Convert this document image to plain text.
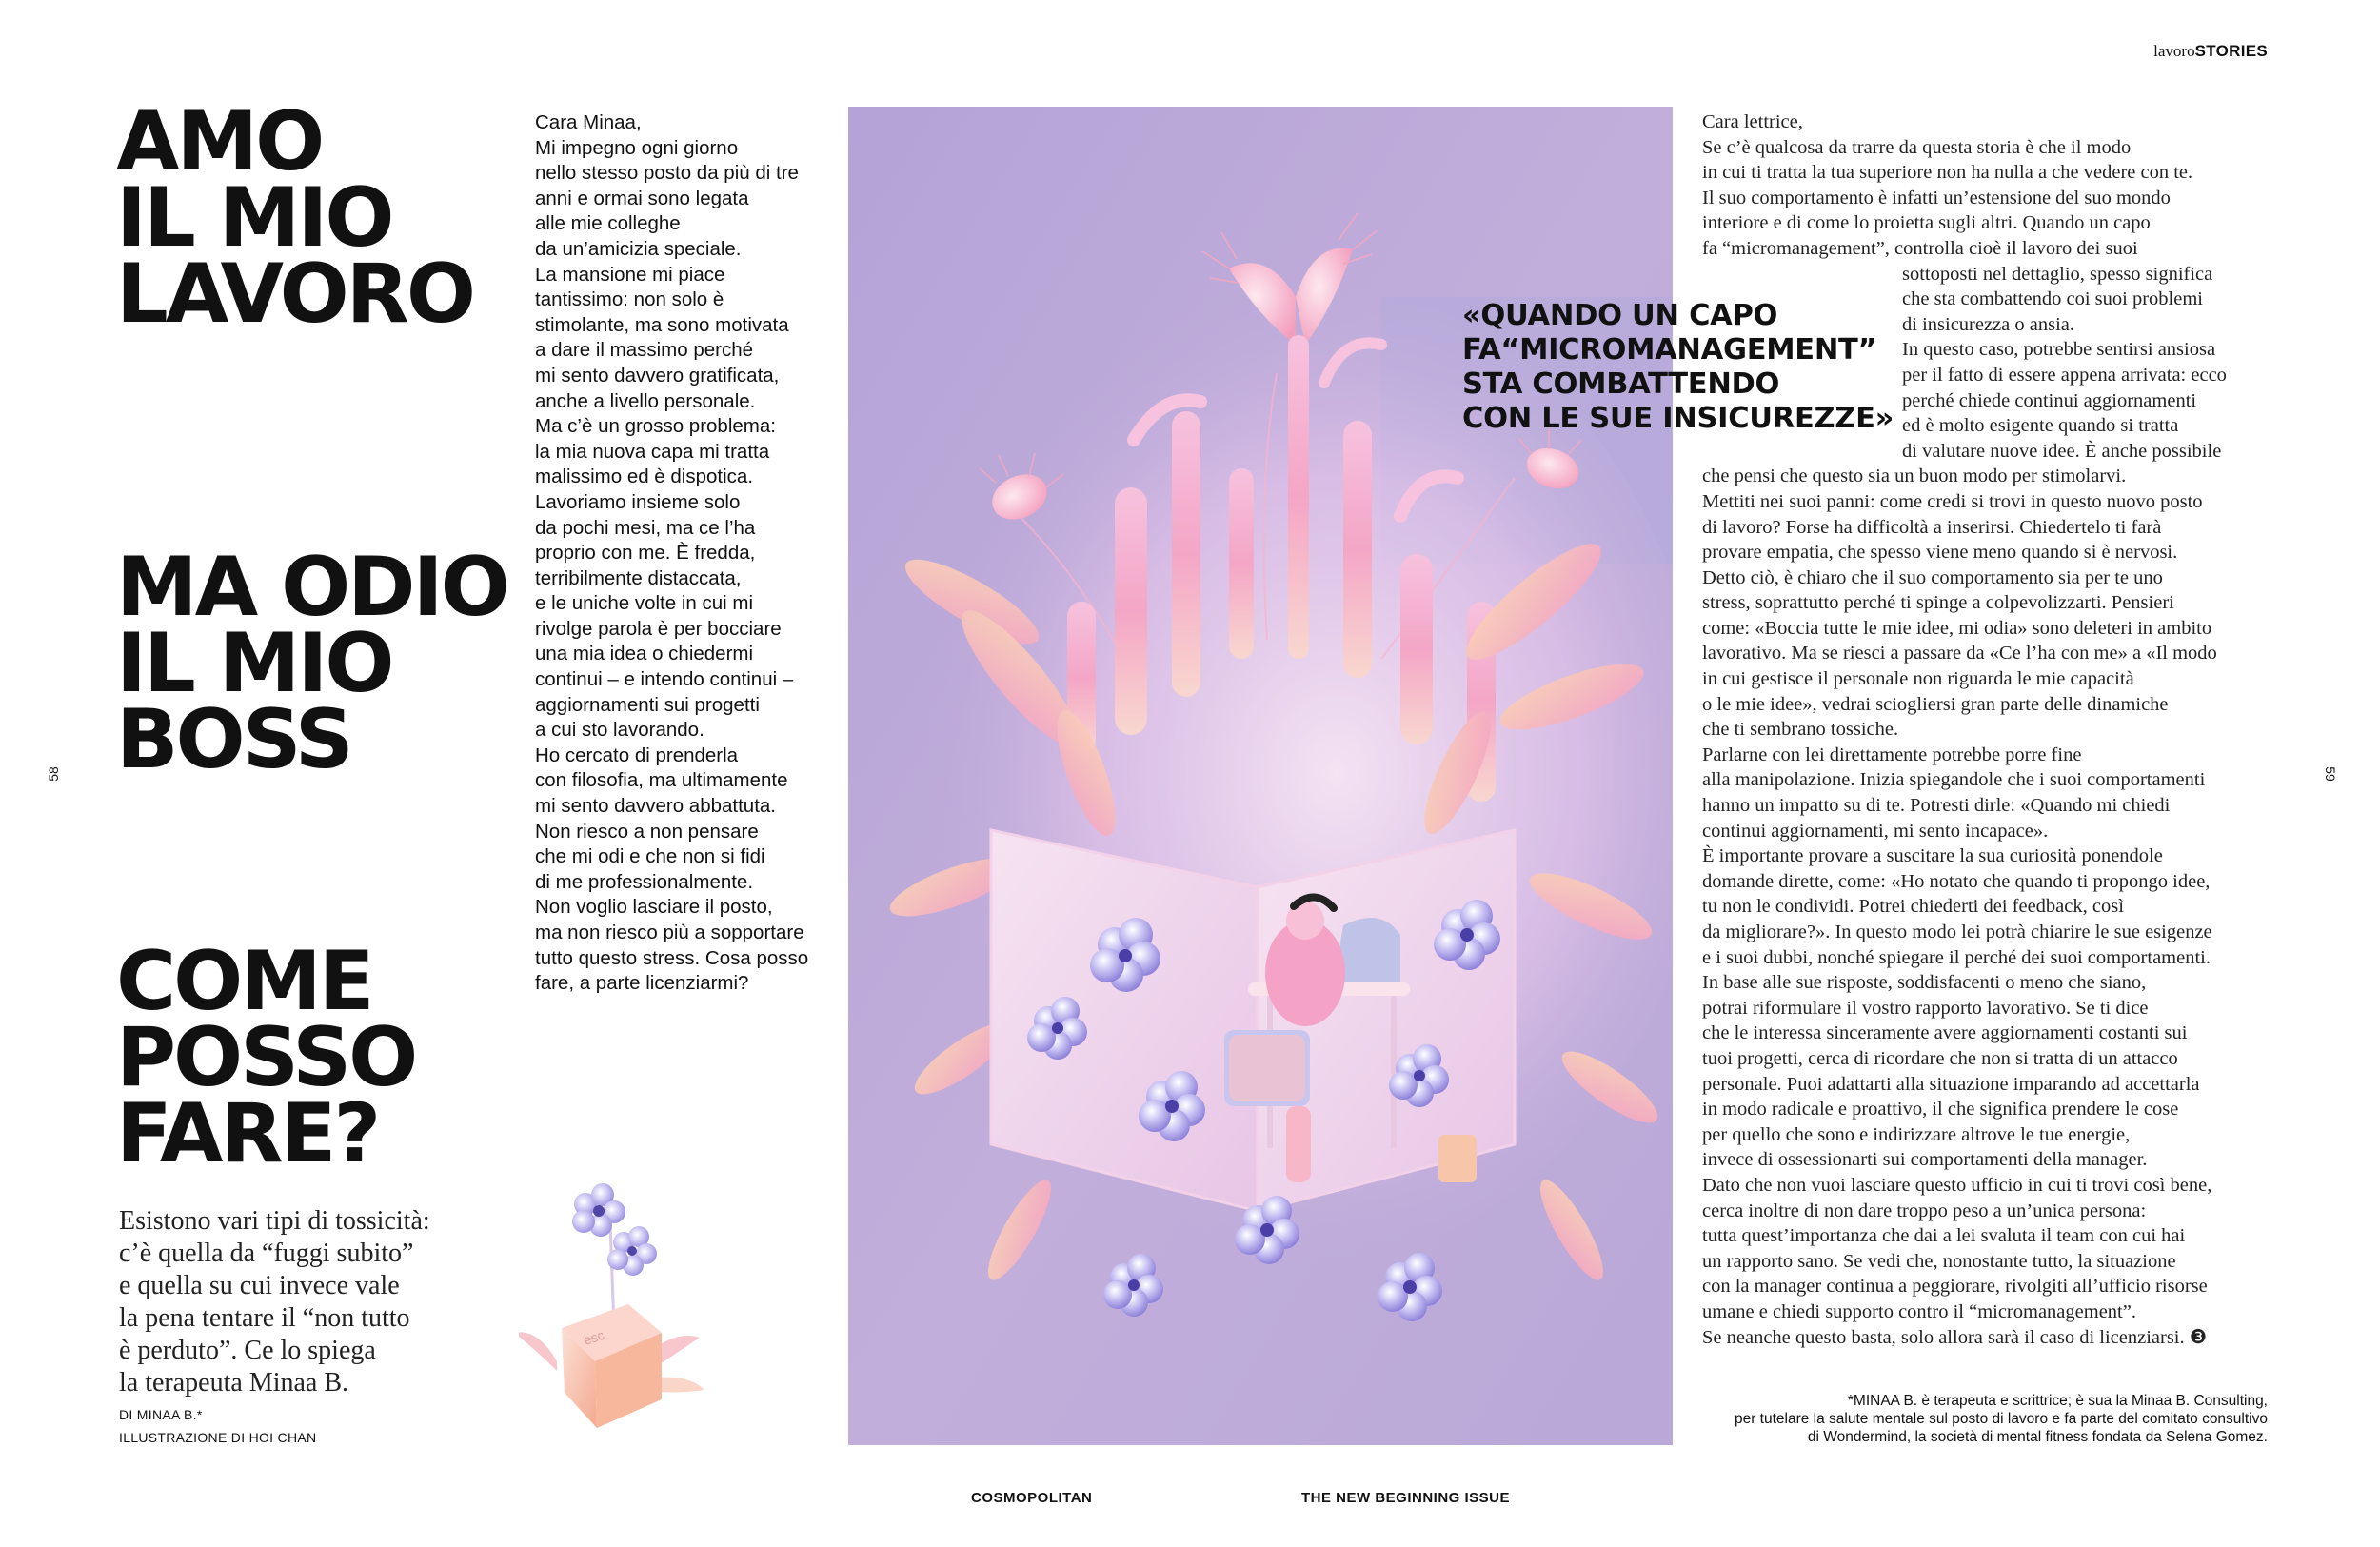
lavoroSTORIES
AMO
IL MIO
LAVORO
MA ODIO
IL MIO
BOSS
COME
POSSO
FARE?
Esistono vari tipi di tossicità:
c’è quella da “fuggi subito”
e quella su cui invece vale
la pena tentare il “non tutto
è perduto”. Ce lo spiega
la terapeuta Minaa B.
DI MINAA B.*
ILLUSTRAZIONE DI HOI CHAN
58	59
Cara Minaa,
Mi impegno ogni giorno
nello stesso posto da più di tre
anni e ormai sono legata
alle mie colleghe
da un’amicizia speciale.
La mansione mi piace
tantissimo: non solo è
stimolante, ma sono motivata
a dare il massimo perché
mi sento davvero gratificata,
anche a livello personale.
Ma c’è un grosso problema:
la mia nuova capa mi tratta
malissimo ed è dispotica.
Lavoriamo insieme solo
da pochi mesi, ma ce l’ha
proprio con me. È fredda,
terribilmente distaccata,
e le uniche volte in cui mi
rivolge parola è per bocciare
una mia idea o chiedermi
continui – e intendo continui –
aggiornamenti sui progetti
a cui sto lavorando.
Ho cercato di prenderla
con filosofia, ma ultimamente
mi sento davvero abbattuta.
Non riesco a non pensare
che mi odi e che non si fidi
di me professionalmente.
Non voglio lasciare il posto,
ma non riesco più a sopportare
tutto questo stress. Cosa posso
fare, a parte licenziarmi?
esc
«QUANDO UN CAPO
FA“MICROMANAGEMENT”
STA COMBATTENDO
CON LE SUE INSICUREZZE»
Cara lettrice,
Se c’è qualcosa da trarre da questa storia è che il modo
in cui ti tratta la tua superiore non ha nulla a che vedere con te.
Il suo comportamento è infatti un’estensione del suo mondo
interiore e di come lo proietta sugli altri. Quando un capo
fa “micromanagement”, controlla cioè il lavoro dei suoi
sottoposti nel dettaglio, spesso significa
che sta combattendo coi suoi problemi
di insicurezza o ansia.
In questo caso, potrebbe sentirsi ansiosa
per il fatto di essere appena arrivata: ecco
perché chiede continui aggiornamenti
ed è molto esigente quando si tratta
di valutare nuove idee. È anche possibile
che pensi che questo sia un buon modo per stimolarvi.
Mettiti nei suoi panni: come credi si trovi in questo nuovo posto
di lavoro? Forse ha difficoltà a inserirsi. Chiedertelo ti farà
provare empatia, che spesso viene meno quando si è nervosi.
Detto ciò, è chiaro che il suo comportamento sia per te uno
stress, soprattutto perché ti spinge a colpevolizzarti. Pensieri
come: «Boccia tutte le mie idee, mi odia» sono deleteri in ambito
lavorativo. Ma se riesci a passare da «Ce l’ha con me» a «Il modo
in cui gestisce il personale non riguarda le mie capacità
o le mie idee», vedrai sciogliersi gran parte delle dinamiche
che ti sembrano tossiche.
Parlarne con lei direttamente potrebbe porre fine
alla manipolazione. Inizia spiegandole che i suoi comportamenti
hanno un impatto su di te. Potresti dirle: «Quando mi chiedi
continui aggiornamenti, mi sento incapace».
È importante provare a suscitare la sua curiosità ponendole
domande dirette, come: «Ho notato che quando ti propongo idee,
tu non le condividi. Potrei chiederti dei feedback, così
da migliorare?». In questo modo lei potrà chiarire le sue esigenze
e i suoi dubbi, nonché spiegare il perché dei suoi comportamenti.
In base alle sue risposte, soddisfacenti o meno che siano,
potrai riformulare il vostro rapporto lavorativo. Se ti dice
che le interessa sinceramente avere aggiornamenti costanti sui
tuoi progetti, cerca di ricordare che non si tratta di un attacco
personale. Puoi adattarti alla situazione imparando ad accettarla
in modo radicale e proattivo, il che significa prendere le cose
per quello che sono e indirizzare altrove le tue energie,
invece di ossessionarti sui comportamenti della manager.
Dato che non vuoi lasciare questo ufficio in cui ti trovi così bene,
cerca inoltre di non dare troppo peso a un’unica persona:
tutta quest’importanza che dai a lei svaluta il team con cui hai
un rapporto sano. Se vedi che, nonostante tutto, la situazione
con la manager continua a peggiorare, rivolgiti all’ufficio risorse
umane e chiedi supporto contro il “micromanagement”.
Se neanche questo basta, solo allora sarà il caso di licenziarsi. ❸
*MINAA B. è terapeuta e scrittrice; è sua la Minaa B. Consulting,
per tutelare la salute mentale sul posto di lavoro e fa parte del comitato consultivo
di Wondermind, la società di mental fitness fondata da Selena Gomez.
COSMOPOLITAN	THE NEW BEGINNING ISSUE
